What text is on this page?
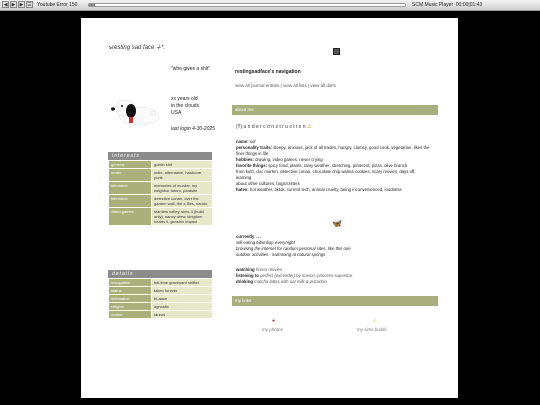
◀ ▶ ▶ ☰ Youtube Error 150	SCM Music Player 00:00|01:43
↘resting sad face ∔*.
"who gives a shit"
xx years old
in the clouds
USA
last login 4-30-2025
interests
general	goblin shit
music	indie, alternative, hardcore, punk
television	memories of murder, my neighbor totoro, parasite
television	detective conan, over the garden wall, the x-files, naruto
video games	stardew valley, sims 4 (build only), nancy drew, kingdom hearts ii, genshin impact
details
occupation	full-time graveyard shifter
status	taken forever
orientation	bi-aace
religion	agnostic
zodiac	taurus
restingsadface's navigation
view all journal entries | view all lists | view all diefs
about me
(!!) u n d e r c o n s t r u c t i o n ⚠
name: sof
personality traits: sleepy, anxious, jack of all trades, hungry, clumsy, good cook, vegetarian, likes the
finer things in life
hobbies: drawing, video games, never crying
favorite things: spicy food, plants, rainy weather, stretching, pinterest, pizza, olive branch
from kuth, doc marten, detective conan, chocolate chip walnut cookies, scary movies, days off,
learning
about other cultures, bugs/critters
hates: hot weather, tiktok, current tech, animal cruelty, being inconvenienced, loudness
🦋
currently . . .
still eating bibimbap everynight
browsing the internet for random personal sites, like this one
outdoor activities - swimming at natural springs
watching horror movies
listening to perfect (exceeder) by mason, princess superstar
drinking matcha lattes with oat milk & pistachio
my links
●
my photos
☾
my sims builds
